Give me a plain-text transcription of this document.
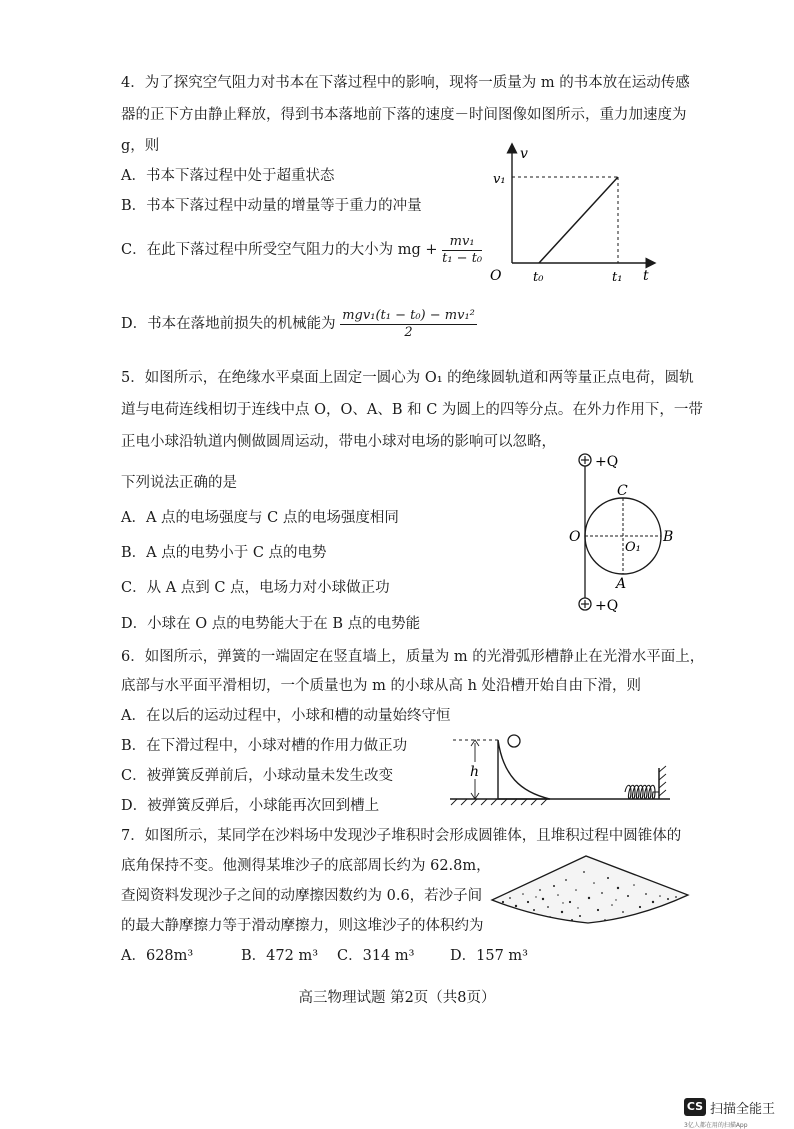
4．为了探究空气阻力对书本在下落过程中的影响，现将一质量为 m 的书本放在运动传感
器的正下方由静止释放，得到书本落地前下落的速度－时间图像如图所示，重力加速度为
g，则
A．书本下落过程中处于超重状态
B．书本下落过程中动量的增量等于重力的冲量
C．在此下落过程中所受空气阻力的大小为 mg + $\frac{\text{mv₁}}{\text{t₁ − t₀}}$
D．书本在落地前损失的机械能为 $\frac{\text{mgv₁(t₁ − t₀) − mv₁²}}{2}$
v
t
O
v₁
t₀	t₁
5．如图所示，在绝缘水平桌面上固定一圆心为 O₁ 的绝缘圆轨道和两等量正点电荷，圆轨
道与电荷连线相切于连线中点 O，O、A、B 和 C 为圆上的四等分点。在外力作用下，一带
正电小球沿轨道内侧做圆周运动，带电小球对电场的影响可以忽略，
下列说法正确的是
A．A 点的电场强度与 C 点的电场强度相同
B．A 点的电势小于 C 点的电势
C．从 A 点到 C 点，电场力对小球做正功
D．小球在 O 点的电势能大于在 B 点的电势能
+Q
+Q
C
O	B
O₁
A
6．如图所示，弹簧的一端固定在竖直墙上，质量为 m 的光滑弧形槽静止在光滑水平面上，
底部与水平面平滑相切，一个质量也为 m 的小球从高 h 处沿槽开始自由下滑，则
A．在以后的运动过程中，小球和槽的动量始终守恒
B．在下滑过程中，小球对槽的作用力做正功
C．被弹簧反弹前后，小球动量未发生改变
D．被弹簧反弹后，小球能再次回到槽上
h
7．如图所示，某同学在沙料场中发现沙子堆积时会形成圆锥体，且堆积过程中圆锥体的
底角保持不变。他测得某堆沙子的底部周长约为 62.8m，
查阅资料发现沙子之间的动摩擦因数约为 0.6，若沙子间
的最大静摩擦力等于滑动摩擦力，则这堆沙子的体积约为
A．628m³	B．472 m³ C．314 m³ D．157 m³
高三物理试题 第2页（共8页）
CS 扫描全能王
3亿人都在用的扫描App
